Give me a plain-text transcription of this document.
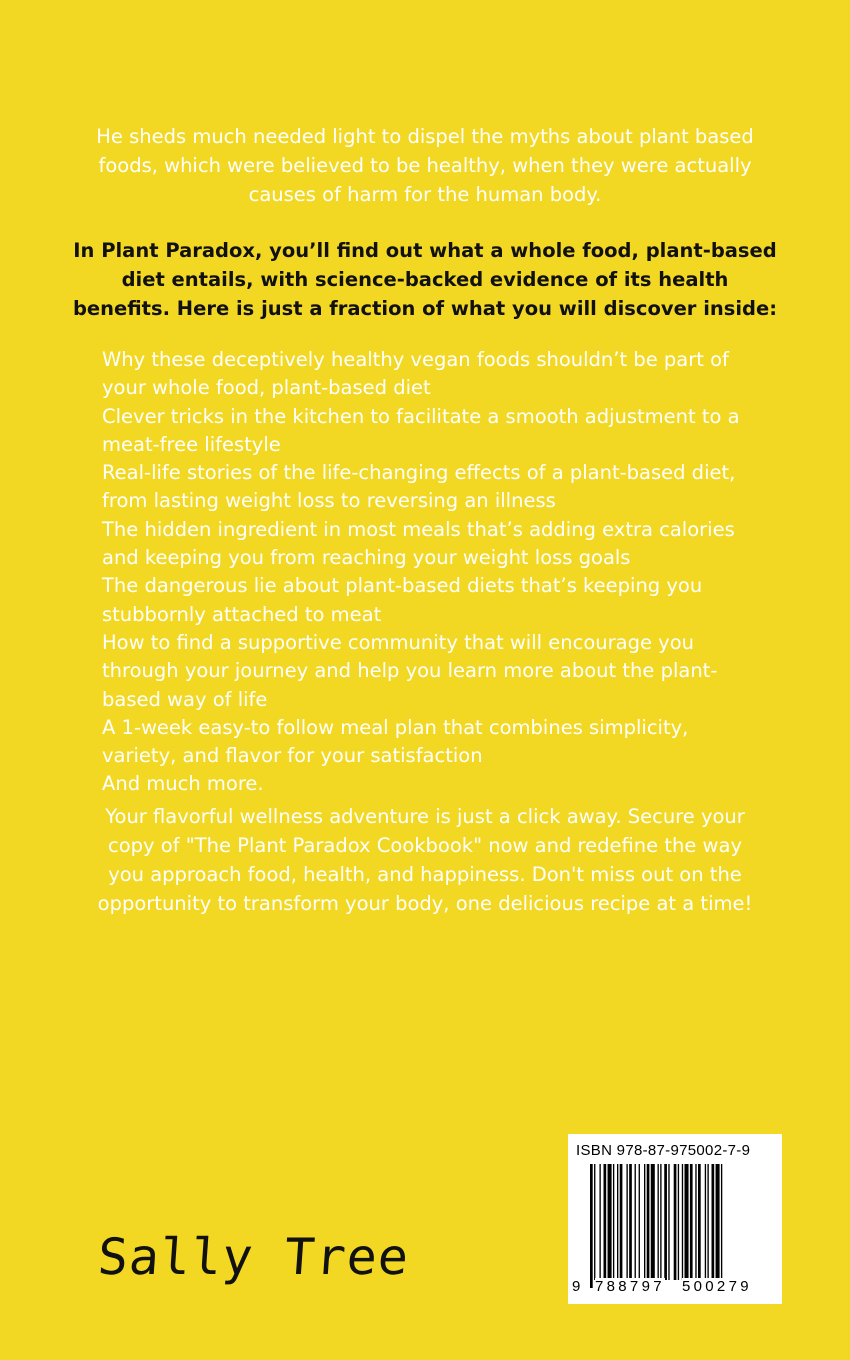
He sheds much needed light to dispel the myths about plant based foods, which were believed to be healthy, when they were actually causes of harm for the human body.

In Plant Paradox, you’ll find out what a whole food, plant-based diet entails, with science-backed evidence of its health benefits. Here is just a fraction of what you will discover inside:

Why these deceptively healthy vegan foods shouldn’t be part of your whole food, plant-based diet
Clever tricks in the kitchen to facilitate a smooth adjustment to a meat-free lifestyle
Real-life stories of the life-changing effects of a plant-based diet, from lasting weight loss to reversing an illness
The hidden ingredient in most meals that’s adding extra calories and keeping you from reaching your weight loss goals
The dangerous lie about plant-based diets that’s keeping you stubbornly attached to meat
How to find a supportive community that will encourage you through your journey and help you learn more about the plant-based way of life
A 1-week easy-to follow meal plan that combines simplicity, variety, and flavor for your satisfaction
And much more.

Your flavorful wellness adventure is just a click away. Secure your copy of "The Plant Paradox Cookbook" now and redefine the way you approach food, health, and happiness. Don't miss out on the opportunity to transform your body, one delicious recipe at a time!

Sally Tree
ISBN 978-87-975002-7-9
9 788797 500279
